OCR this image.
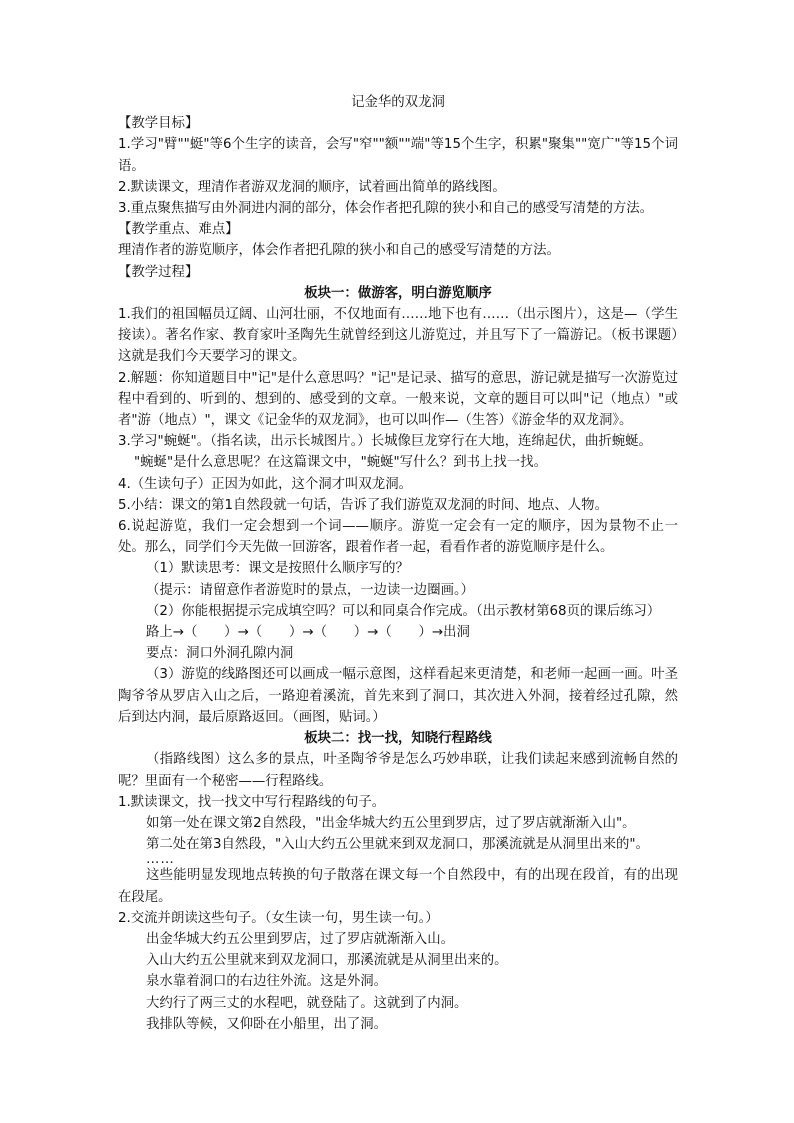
记金华的双龙洞
【教学目标】
1.学习"臂""蜓"等6个生字的读音，会写"窄""额""端"等15个生字，积累"聚集""宽广"等15个词语。
2.默读课文，理清作者游双龙洞的顺序，试着画出简单的路线图。
3.重点聚焦描写由外洞进内洞的部分，体会作者把孔隙的狭小和自己的感受写清楚的方法。
【教学重点、难点】
理清作者的游览顺序，体会作者把孔隙的狭小和自己的感受写清楚的方法。
【教学过程】
板块一：做游客，明白游览顺序
1.我们的祖国幅员辽阔、山河壮丽，不仅地面有……地下也有……（出示图片），这是—（学生接读）。著名作家、教育家叶圣陶先生就曾经到这儿游览过，并且写下了一篇游记。（板书课题）这就是我们今天要学习的课文。
2.解题：你知道题目中"记"是什么意思吗？"记"是记录、描写的意思，游记就是描写一次游览过程中看到的、听到的、想到的、感受到的文章。一般来说，文章的题目可以叫"记（地点）"或者"游（地点）"，课文《记金华的双龙洞》，也可以叫作—（生答）《游金华的双龙洞》。
3.学习"蜿蜒"。（指名读，出示长城图片。）长城像巨龙穿行在大地，连绵起伏，曲折蜿蜒。
"蜿蜒"是什么意思呢？在这篇课文中，"蜿蜒"写什么？到书上找一找。
4.（生读句子）正因为如此，这个洞才叫双龙洞。
5.小结：课文的第1自然段就一句话，告诉了我们游览双龙洞的时间、地点、人物。
6.说起游览，我们一定会想到一个词——顺序。游览一定会有一定的顺序，因为景物不止一处。那么，同学们今天先做一回游客，跟着作者一起，看看作者的游览顺序是什么。
（1）默读思考：课文是按照什么顺序写的？
（提示：请留意作者游览时的景点，一边读一边圈画。）
（2）你能根据提示完成填空吗？可以和同桌合作完成。（出示教材第68页的课后练习）
路上→（　　）→（　　）→（　　）→（　　）→出洞
要点：洞口外洞孔隙内洞
（3）游览的线路图还可以画成一幅示意图，这样看起来更清楚，和老师一起画一画。叶圣陶爷爷从罗店入山之后，一路迎着溪流，首先来到了洞口，其次进入外洞，接着经过孔隙，然后到达内洞，最后原路返回。（画图，贴词。）
板块二：找一找，知晓行程路线
（指路线图）这么多的景点，叶圣陶爷爷是怎么巧妙串联，让我们读起来感到流畅自然的呢？里面有一个秘密——行程路线。
1.默读课文，找一找文中写行程路线的句子。
如第一处在课文第2自然段，"出金华城大约五公里到罗店，过了罗店就渐渐入山"。
第二处在第3自然段，"入山大约五公里就来到双龙洞口，那溪流就是从洞里出来的"。
……
这些能明显发现地点转换的句子散落在课文每一个自然段中，有的出现在段首，有的出现在段尾。
2.交流并朗读这些句子。（女生读一句，男生读一句。）
出金华城大约五公里到罗店，过了罗店就渐渐入山。
入山大约五公里就来到双龙洞口，那溪流就是从洞里出来的。
泉水靠着洞口的右边往外流。这是外洞。
大约行了两三丈的水程吧，就登陆了。这就到了内洞。
我排队等候，又仰卧在小船里，出了洞。
